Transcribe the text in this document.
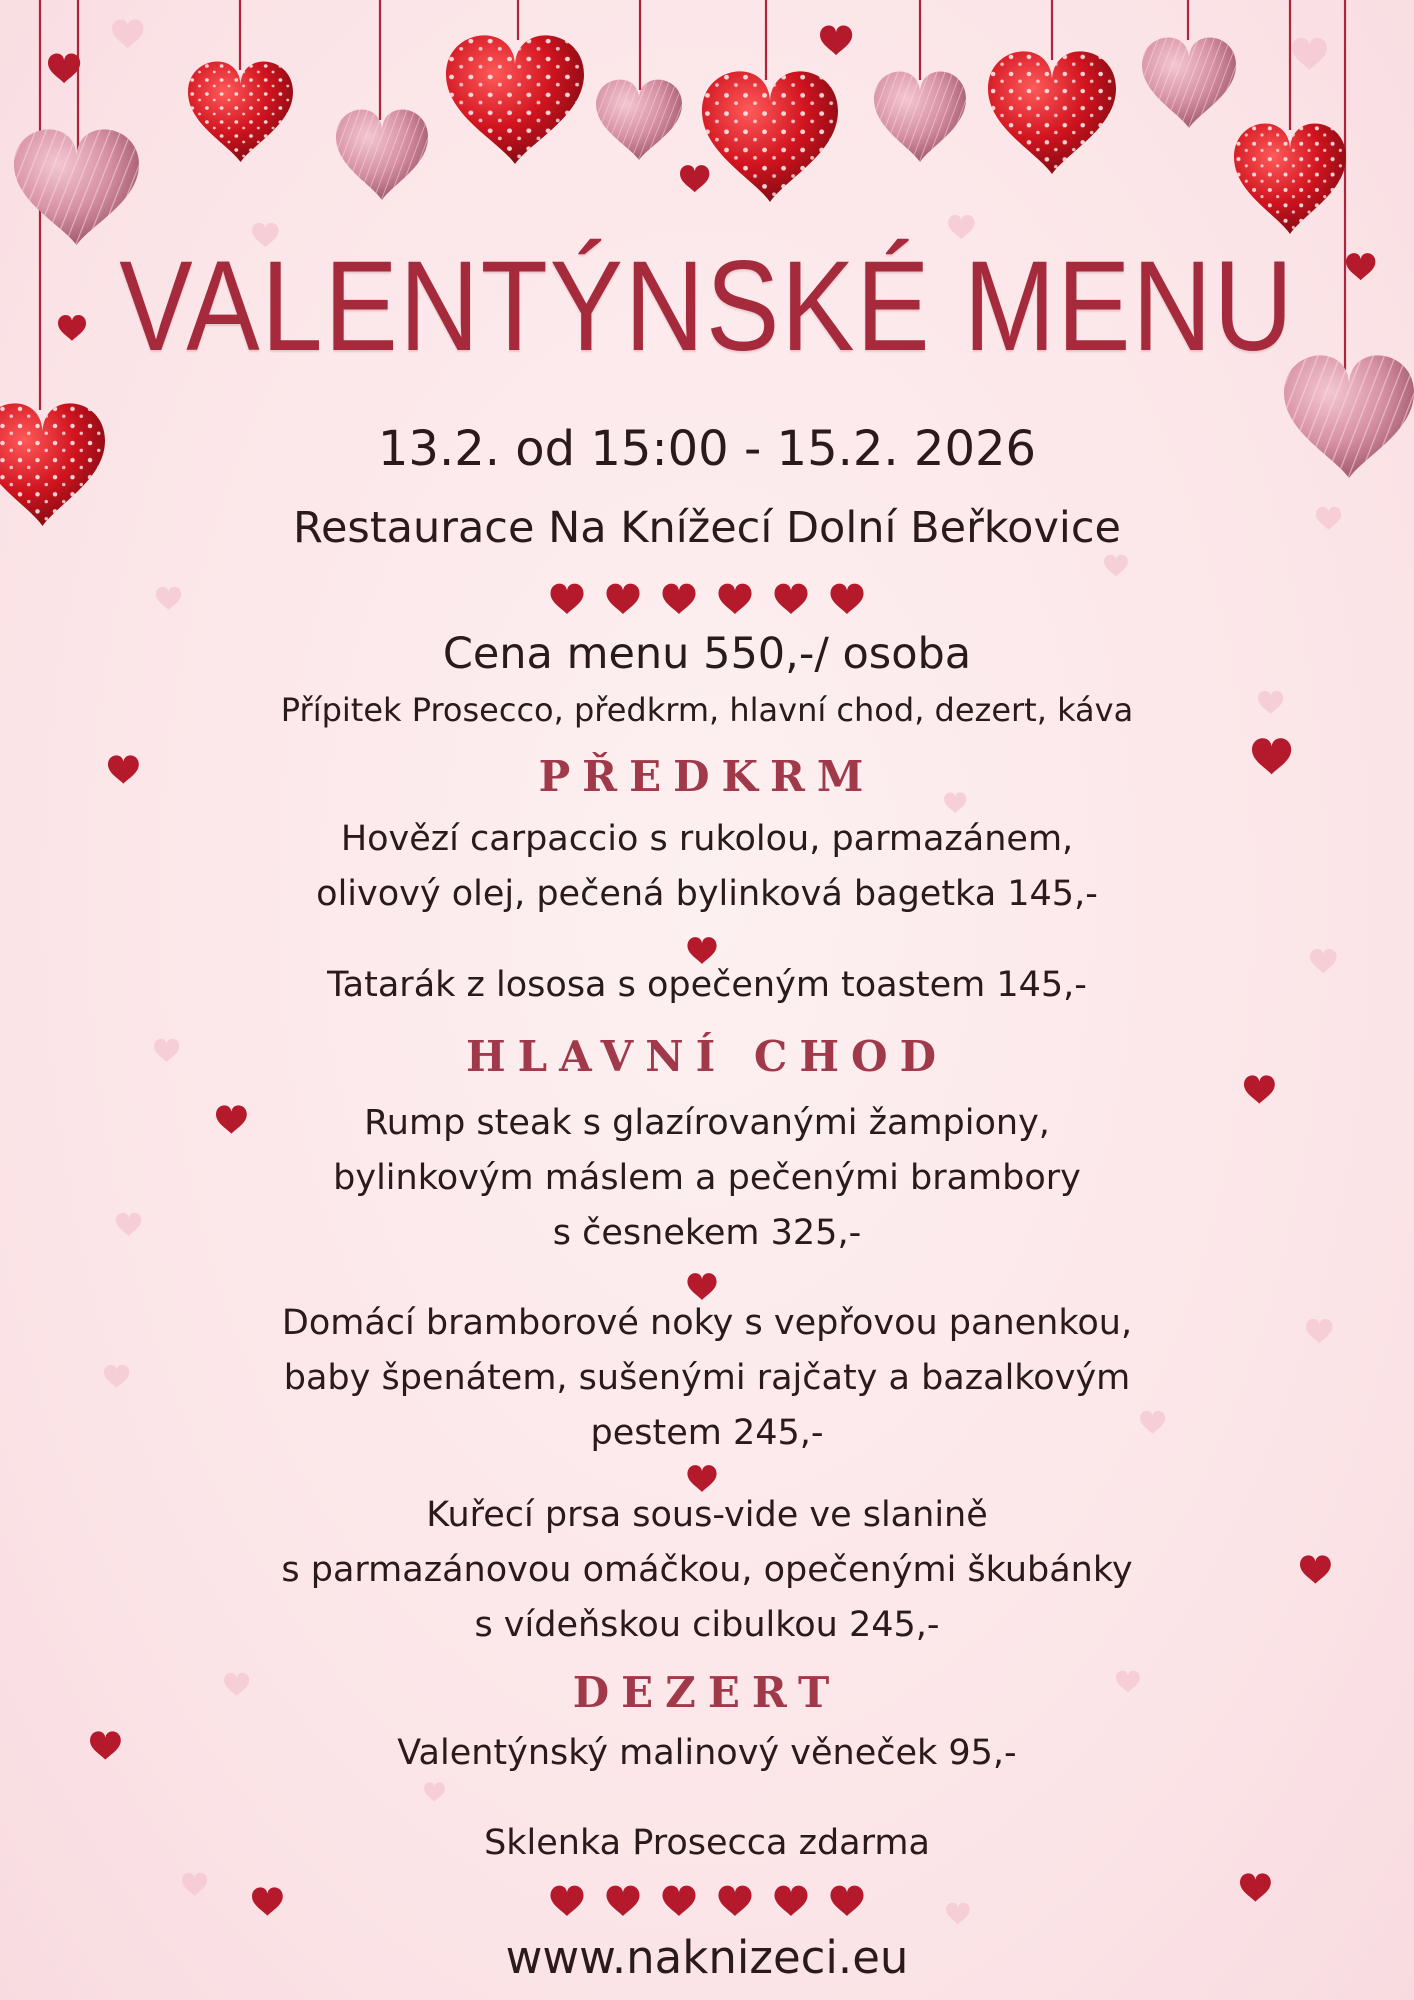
VALENTÝNSKÉ MENU
13.2. od 15:00 - 15.2. 2026
Restaurace Na Knížecí Dolní Beřkovice
Cena menu 550,-/ osoba
Přípitek Prosecco, předkrm, hlavní chod, dezert, káva
PŘEDKRM
Hovězí carpaccio s rukolou, parmazánem,
olivový olej, pečená bylinková bagetka 145,-
Tatarák z lososa s opečeným toastem 145,-
HLAVNÍ CHOD
Rump steak s glazírovanými žampiony,
bylinkovým máslem a pečenými brambory
s česnekem 325,-
Domácí bramborové noky s vepřovou panenkou,
baby špenátem, sušenými rajčaty a bazalkovým
pestem 245,-
Kuřecí prsa sous-vide ve slanině
s parmazánovou omáčkou, opečenými škubánky
s vídeňskou cibulkou 245,-
DEZERT
Valentýnský malinový věneček 95,-
Sklenka Prosecca zdarma
www.naknizeci.eu
